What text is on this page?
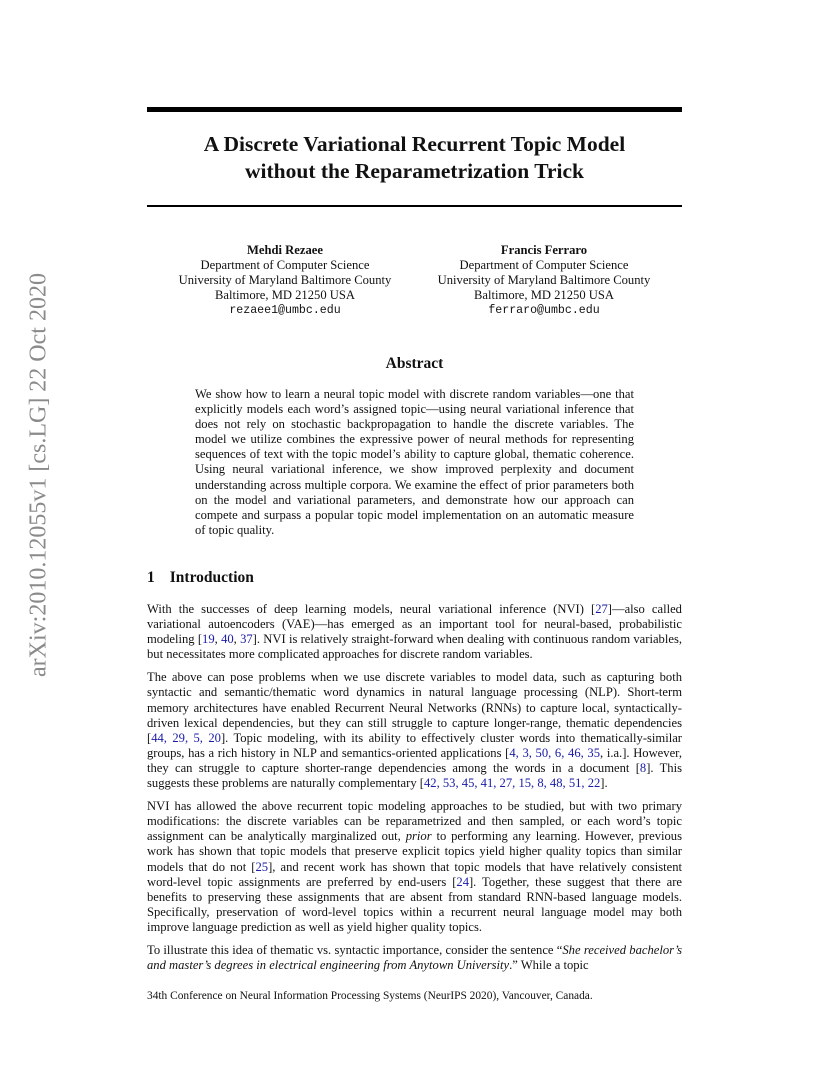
arXiv:2010.12055v1 [cs.LG] 22 Oct 2020
A Discrete Variational Recurrent Topic Model
without the Reparametrization Trick
Mehdi Rezaee
Department of Computer Science
University of Maryland Baltimore County
Baltimore, MD 21250 USA
rezaee1@umbc.edu
Francis Ferraro
Department of Computer Science
University of Maryland Baltimore County
Baltimore, MD 21250 USA
ferraro@umbc.edu
Abstract
We show how to learn a neural topic model with discrete random variables—one that explicitly models each word’s assigned topic—using neural variational inference that does not rely on stochastic backpropagation to handle the discrete variables. The model we utilize combines the expressive power of neural methods for representing sequences of text with the topic model’s ability to capture global, thematic coherence. Using neural variational inference, we show improved perplexity and document understanding across multiple corpora. We examine the effect of prior parameters both on the model and variational parameters, and demonstrate how our approach can compete and surpass a popular topic model implementation on an automatic measure of topic quality.
1 Introduction

With the successes of deep learning models, neural variational inference (NVI) [27]—also called variational autoencoders (VAE)—has emerged as an important tool for neural-based, probabilistic modeling [19, 40, 37]. NVI is relatively straight-forward when dealing with continuous random variables, but necessitates more complicated approaches for discrete random variables.

The above can pose problems when we use discrete variables to model data, such as capturing both syntactic and semantic/thematic word dynamics in natural language processing (NLP). Short-term memory architectures have enabled Recurrent Neural Networks (RNNs) to capture local, syntactically-driven lexical dependencies, but they can still struggle to capture longer-range, thematic dependencies [44, 29, 5, 20]. Topic modeling, with its ability to effectively cluster words into thematically-similar groups, has a rich history in NLP and semantics-oriented applications [4, 3, 50, 6, 46, 35, i.a.]. However, they can struggle to capture shorter-range dependencies among the words in a document [8]. This suggests these problems are naturally complementary [42, 53, 45, 41, 27, 15, 8, 48, 51, 22].

NVI has allowed the above recurrent topic modeling approaches to be studied, but with two primary modifications: the discrete variables can be reparametrized and then sampled, or each word’s topic assignment can be analytically marginalized out, prior to performing any learning. However, previous work has shown that topic models that preserve explicit topics yield higher quality topics than similar models that do not [25], and recent work has shown that topic models that have relatively consistent word-level topic assignments are preferred by end-users [24]. Together, these suggest that there are benefits to preserving these assignments that are absent from standard RNN-based language models. Specifically, preservation of word-level topics within a recurrent neural language model may both improve language prediction as well as yield higher quality topics.

To illustrate this idea of thematic vs. syntactic importance, consider the sentence “She received bachelor’s and master’s degrees in electrical engineering from Anytown University.” While a topic

34th Conference on Neural Information Processing Systems (NeurIPS 2020), Vancouver, Canada.
